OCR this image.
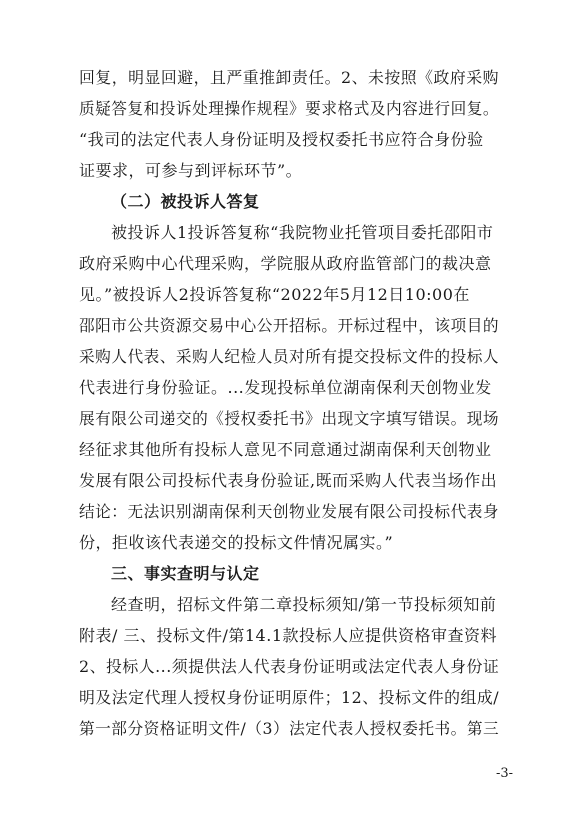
回复，明显回避，且严重推卸责任。2、未按照《政府采购
质疑答复和投诉处理操作规程》要求格式及内容进行回复。
“我司的法定代表人身份证明及授权委托书应符合身份验
证要求，可参与到评标环节”。
（二）被投诉人答复
被投诉人1投诉答复称“我院物业托管项目委托邵阳市
政府采购中心代理采购，学院服从政府监管部门的裁决意
见。”被投诉人2投诉答复称“2022年5月12日10:00在
邵阳市公共资源交易中心公开招标。开标过程中，该项目的
采购人代表、采购人纪检人员对所有提交投标文件的投标人
代表进行身份验证。...发现投标单位湖南保利天创物业发
展有限公司递交的《授权委托书》出现文字填写错误。现场
经征求其他所有投标人意见不同意通过湖南保利天创物业
发展有限公司投标代表身份验证,既而采购人代表当场作出
结论：无法识别湖南保利天创物业发展有限公司投标代表身
份，拒收该代表递交的投标文件情况属实。”
三、事实查明与认定
经查明，招标文件第二章投标须知/第一节投标须知前
附表/ 三、投标文件/第14.1款投标人应提供资格审查资料
2、投标人...须提供法人代表身份证明或法定代表人身份证
明及法定代理人授权身份证明原件；12、投标文件的组成/
第一部分资格证明文件/（3）法定代表人授权委托书。第三
-3-
